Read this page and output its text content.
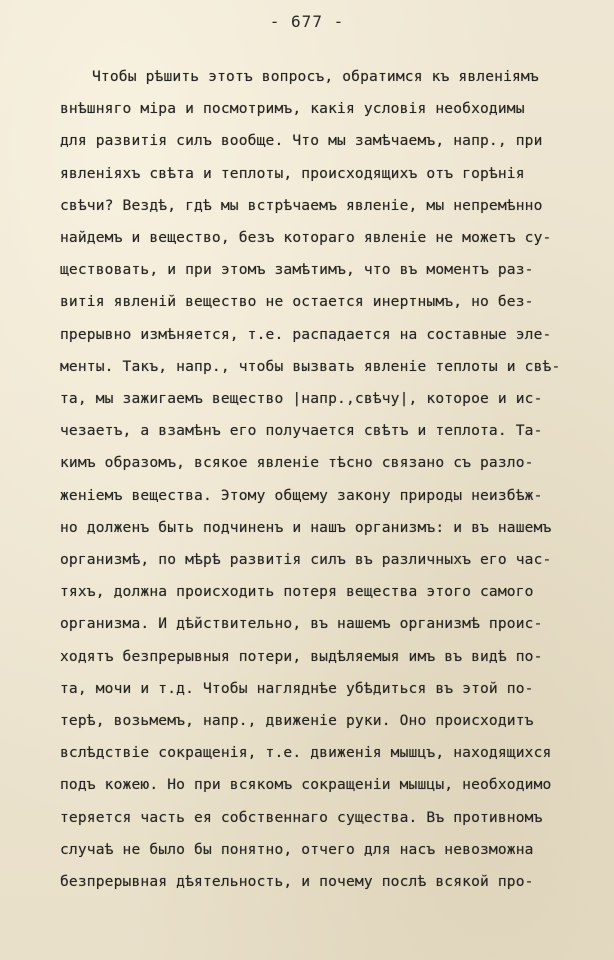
- 677 -
Чтобы рѣшить этотъ вопросъ, обратимся къ явленiямъ
внѣшняго мiра и посмотримъ, какiя условiя необходимы
для развитiя силъ вообще. Что мы замѣчаемъ, напр., при
явленiяхъ свѣта и теплоты, происходящихъ отъ горѣнiя
свѣчи? Вездѣ, гдѣ мы встрѣчаемъ явленiе, мы непремѣнно
найдемъ и вещество, безъ котораго явленiе не можетъ су-
ществовать, и при этомъ замѣтимъ, что въ моментъ раз-
витiя явленiй вещество не остается инертнымъ, но без-
прерывно измѣняется, т.е. распадается на составные эле-
менты. Такъ, напр., чтобы вызвать явленiе теплоты и свѣ-
та, мы зажигаемъ вещество |напр.,свѣчу|, которое и ис-
чезаетъ, а взамѣнъ его получается свѣтъ и теплота. Та-
кимъ образомъ, всякое явленiе тѣсно связано съ разло-
женiемъ вещества. Этому общему закону природы неизбѣж-
но долженъ быть подчиненъ и нашъ организмъ: и въ нашемъ
организмѣ, по мѣрѣ развитiя силъ въ различныхъ его час-
тяхъ, должна происходить потеря вещества этого самого
организма. И дѣйствительно, въ нашемъ организмѣ проис-
ходятъ безпрерывныя потери, выдѣляемыя имъ въ видѣ по-
та, мочи и т.д. Чтобы нагляднѣе убѣдиться въ этой по-
терѣ, возьмемъ, напр., движенiе руки. Оно происходитъ
вслѣдствiе сокращенiя, т.е. движенiя мышцъ, находящихся
подъ кожею. Но при всякомъ сокращенiи мышцы, необходимо
теряется часть ея собственнаго существа. Въ противномъ
случаѣ не было бы понятно, отчего для насъ невозможна
безпрерывная дѣятельность, и почему послѣ всякой про-
